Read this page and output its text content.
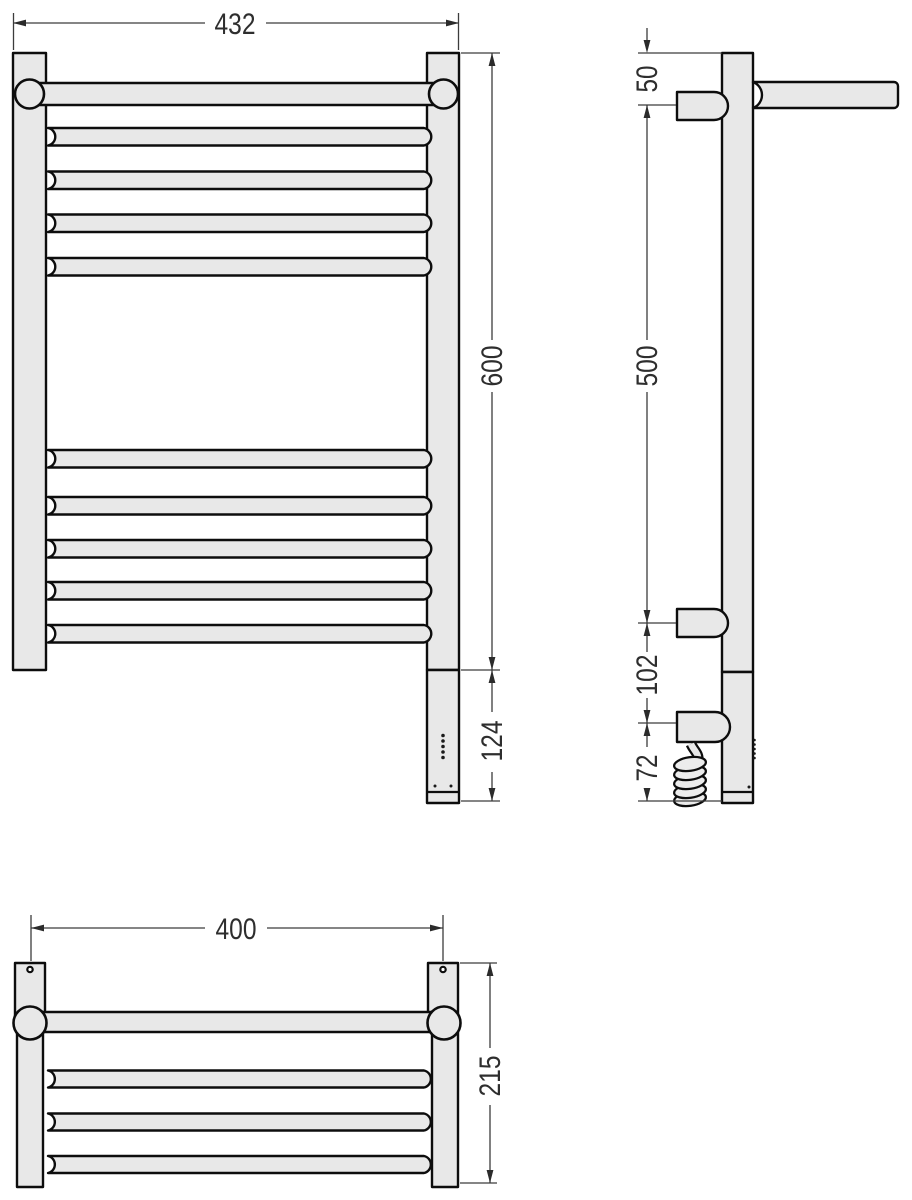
432
600
124
50
500
102
72
400
215
